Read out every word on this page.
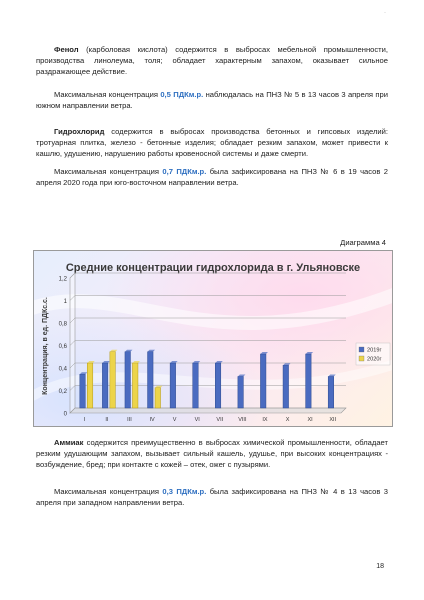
·

Фенол (карболовая кислота) содержится в выбросах мебельной промышленности, производства линолеума, толя; обладает характерным запахом, оказывает сильное раздражающее действие.

Максимальная концентрация 0,5 ПДКм.р. наблюдалась на ПНЗ № 5 в 13 часов 3 апреля при южном направлении ветра.

Гидрохлорид содержится в выбросах производства бетонных и гипсовых изделий: тротуарная плитка, железо - бетонные изделия; обладает резким запахом, может привести к кашлю, удушению, нарушению работы кровеносной системы и даже смерти.

Максимальная концентрация 0,7 ПДКм.р. была зафиксирована на ПНЗ № 6 в 19 часов 2 апреля 2020 года при юго-восточном направлении ветра.

Диаграмма 4
Средние концентрации гидрохлорида в г. Ульяновске
0
0,2
0,4
0,6
0,8
1
1,2
I	II	III	IV	V	VI	VII	VIII	IX	X	XI	XII
2019г
2020г
Концентрация, в ед. ПДКс.с.

Аммиак содержится преимущественно в выбросах химической промышленности, обладает резким удушающим запахом, вызывает сильный кашель, удушье, при высоких концентрациях - возбуждение, бред; при контакте с кожей – отек, ожег с пузырями.

Максимальная концентрация 0,3 ПДКм.р. была зафиксирована на ПНЗ № 4 в 13 часов 3 апреля при западном направлении ветра.

18
